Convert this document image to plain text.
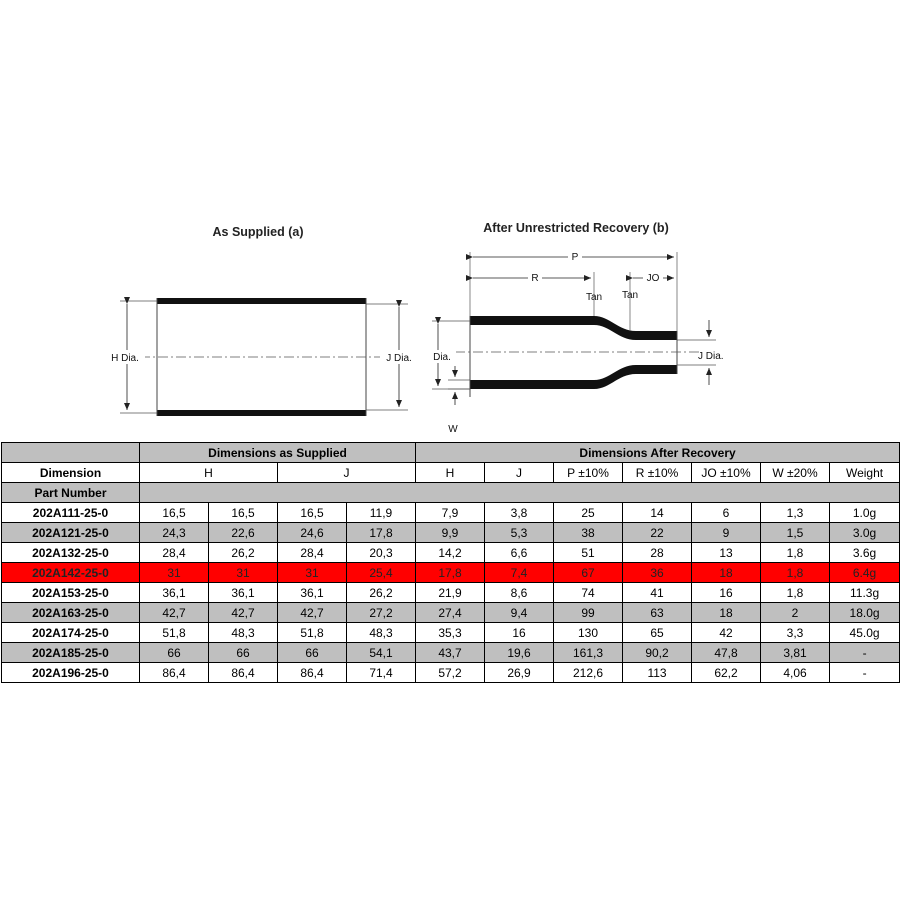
As Supplied (a)
H Dia.	J Dia.
After Unrestricted Recovery (b)
P
R
Tan
JO
Tan
Dia.	J Dia.
W
	Dimensions as Supplied				Dimensions After Recovery						
Dimension	H		J		H	J	P ±10%	R ±10%	JO ±10%	W ±20%	Weight
Part Number											
202A111-25-0	16,5	16,5	16,5	11,9	7,9	3,8	25	14	6	1,3	1.0g
202A121-25-0	24,3	22,6	24,6	17,8	9,9	5,3	38	22	9	1,5	3.0g
202A132-25-0	28,4	26,2	28,4	20,3	14,2	6,6	51	28	13	1,8	3.6g
202A142-25-0	31	31	31	25,4	17,8	7,4	67	36	18	1,8	6.4g
202A153-25-0	36,1	36,1	36,1	26,2	21,9	8,6	74	41	16	1,8	11.3g
202A163-25-0	42,7	42,7	42,7	27,2	27,4	9,4	99	63	18	2	18.0g
202A174-25-0	51,8	48,3	51,8	48,3	35,3	16	130	65	42	3,3	45.0g
202A185-25-0	66	66	66	54,1	43,7	19,6	161,3	90,2	47,8	3,81	-
202A196-25-0	86,4	86,4	86,4	71,4	57,2	26,9	212,6	113	62,2	4,06	-
